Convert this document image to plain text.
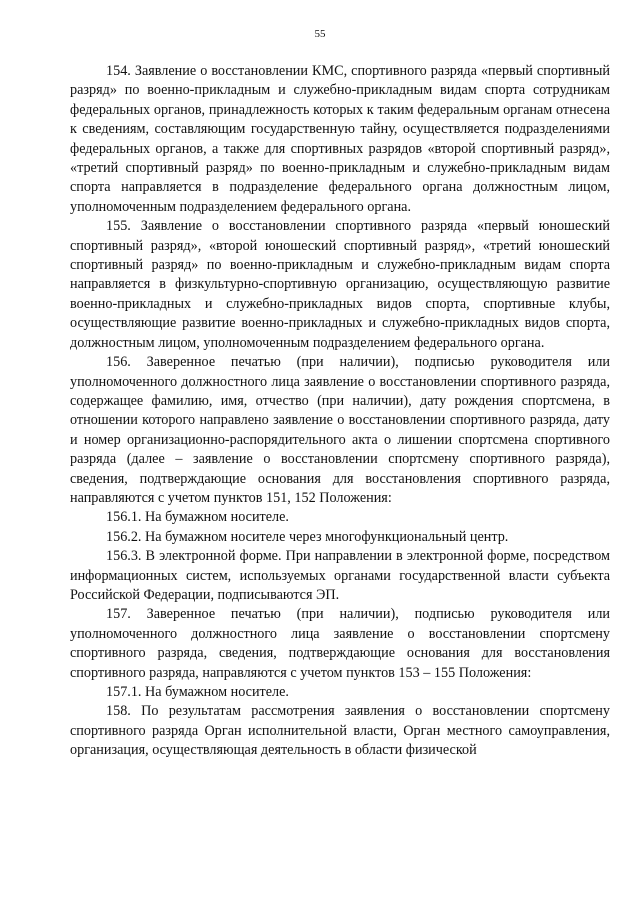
55

154. Заявление о восстановлении КМС, спортивного разряда «первый спортивный разряд» по военно-прикладным и служебно-прикладным видам спорта сотрудникам федеральных органов, принадлежность которых к таким федеральным органам отнесена к сведениям, составляющим государственную тайну, осуществляется подразделениями федеральных органов, а также для спортивных разрядов «второй спортивный разряд», «третий спортивный разряд» по военно-прикладным и служебно-прикладным видам спорта направляется в подразделение федерального органа должностным лицом, уполномоченным подразделением федерального органа.

155. Заявление о восстановлении спортивного разряда «первый юношеский спортивный разряд», «второй юношеский спортивный разряд», «третий юношеский спортивный разряд» по военно-прикладным и служебно-прикладным видам спорта направляется в физкультурно-спортивную организацию, осуществляющую развитие военно-прикладных и служебно-прикладных видов спорта, спортивные клубы, осуществляющие развитие военно-прикладных и служебно-прикладных видов спорта, должностным лицом, уполномоченным подразделением федерального органа.

156. Заверенное печатью (при наличии), подписью руководителя или уполномоченного должностного лица заявление о восстановлении спортивного разряда, содержащее фамилию, имя, отчество (при наличии), дату рождения спортсмена, в отношении которого направлено заявление о восстановлении спортивного разряда, дату и номер организационно-распорядительного акта о лишении спортсмена спортивного разряда (далее – заявление о восстановлении спортсмену спортивного разряда), сведения, подтверждающие основания для восстановления спортивного разряда, направляются с учетом пунктов 151, 152 Положения:

156.1. На бумажном носителе.

156.2. На бумажном носителе через многофункциональный центр.

156.3. В электронной форме. При направлении в электронной форме, посредством информационных систем, используемых органами государственной власти субъекта Российской Федерации, подписываются ЭП.

157. Заверенное печатью (при наличии), подписью руководителя или уполномоченного должностного лица заявление о восстановлении спортсмену спортивного разряда, сведения, подтверждающие основания для восстановления спортивного разряда, направляются с учетом пунктов 153 – 155 Положения:

157.1. На бумажном носителе.

158. По результатам рассмотрения заявления о восстановлении спортсмену спортивного разряда Орган исполнительной власти, Орган местного самоуправления, организация, осуществляющая деятельность в области физической
